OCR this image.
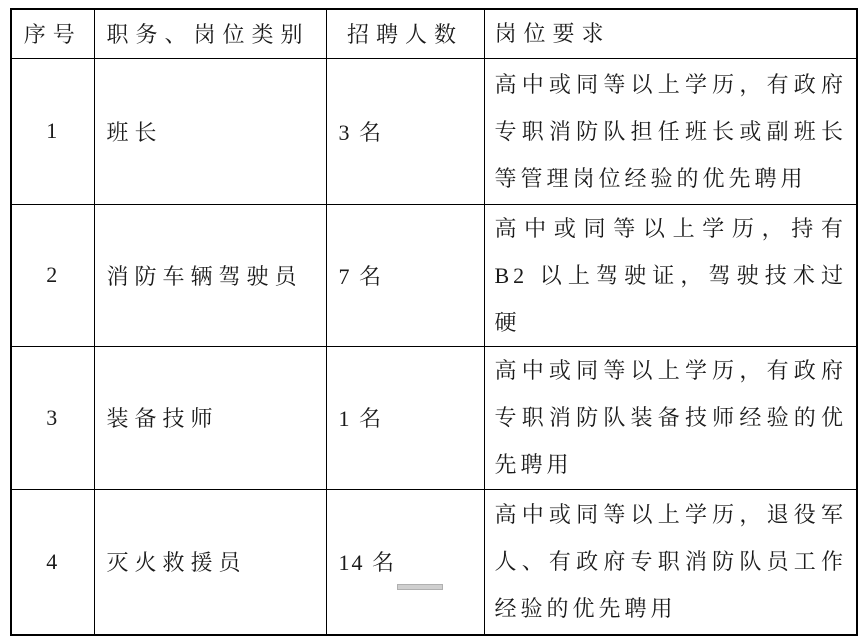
序号	职务、岗位类别	招聘人数	岗位要求
1	班长	3 名	高中或同等以上学历，有政府专职消防队担任班长或副班长等管理岗位经验的优先聘用
2	消防车辆驾驶员	7 名	高中或同等以上学历，持有 B2 以上驾驶证，驾驶技术过硬
3	装备技师	1 名	高中或同等以上学历，有政府专职消防队装备技师经验的优先聘用
4	灭火救援员	14 名	高中或同等以上学历，退役军人、有政府专职消防队员工作经验的优先聘用
